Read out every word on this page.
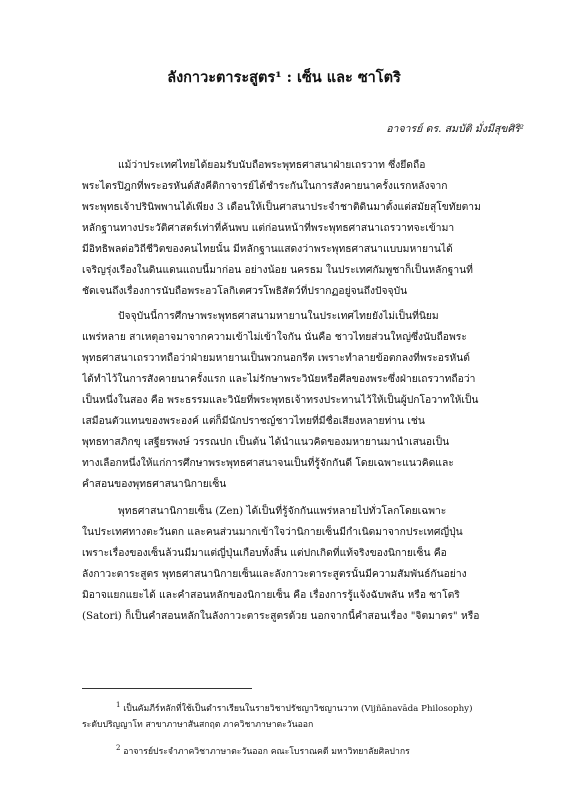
ลังกาวะตาระสูตร¹ : เซ็น และ ซาโตริ
อาจารย์ ดร. สมบัติ มั่งมีสุขศิริ²
แม้ว่าประเทศไทยได้ยอมรับนับถือพระพุทธศาสนาฝ่ายเถรวาท ซึ่งยึดถือ
พระไตรปิฎกที่พระอรหันต์สังคีติกาจารย์ได้ชำระกันในการสังคายนาครั้งแรกหลังจาก
พระพุทธเจ้าปรินิพพานได้เพียง 3 เดือนให้เป็นศาสนาประจำชาติดินมาตั้งแต่สมัยสุโขทัยตาม
หลักฐานทางประวัติศาสตร์เท่าที่ค้นพบ แต่ก่อนหน้าที่พระพุทธศาสนาเถรวาทจะเข้ามา
มีอิทธิพลต่อวิถีชีวิตของคนไทยนั้น มีหลักฐานแสดงว่าพระพุทธศาสนาแบบมหายานได้
เจริญรุ่งเรืองในดินแดนแถบนี้มาก่อน อย่างน้อย นครธม ในประเทศกัมพูชาก็เป็นหลักฐานที่
ชัดเจนถึงเรื่องการนับถือพระอวโลกิเตศวรโพธิสัตว์ที่ปรากฏอยู่จนถึงปัจจุบัน
ปัจจุบันนี้การศึกษาพระพุทธศาสนามหายานในประเทศไทยยังไม่เป็นที่นิยม
แพร่หลาย สาเหตุอาจมาจากความเข้าไม่เข้าใจกัน นั่นคือ ชาวไทยส่วนใหญ่ซึ่งนับถือพระ
พุทธศาสนาเถรวาทถือว่าฝ่ายมหายานเป็นพวกนอกรีต เพราะทำลายข้อตกลงที่พระอรหันต์
ได้ทำไว้ในการสังคายนาครั้งแรก และไม่รักษาพระวินัยหรือศีลของพระซึ่งฝ่ายเถรวาทถือว่า
เป็นหนึ่งในสอง คือ พระธรรมและวินัยที่พระพุทธเจ้าทรงประทานไว้ให้เป็นผู้ปกโอวาทให้เป็น
เสมือนตัวแทนของพระองค์ แต่ก็มีนักปราชญ์ชาวไทยที่มีชื่อเสียงหลายท่าน เช่น
พุทธทาสภิกขุ เสฐียรพงษ์ วรรณปก เป็นต้น ได้นำแนวคิดของมหายานมานำเสนอเป็น
ทางเลือกหนึ่งให้แก่การศึกษาพระพุทธศาสนาจนเป็นที่รู้จักกันดี โดยเฉพาะแนวคิดและ
คำสอนของพุทธศาสนานิกายเซ็น
พุทธศาสนานิกายเซ็น (Zen) ได้เป็นที่รู้จักกันแพร่หลายไปทั่วโลกโดยเฉพาะ
ในประเทศทางตะวันตก และคนส่วนมากเข้าใจว่านิกายเซ็นมีกำเนิดมาจากประเทศญี่ปุ่น
เพราะเรื่องของเซ็นล้วนมีมาแต่ญี่ปุ่นเกือบทั้งสิ้น แต่ปกเกิดที่แท้จริงของนิกายเซ็น คือ
ลังกาวะตาระสูตร พุทธศาสนานิกายเซ็นและลังกาวะตาระสูตรนั้นมีความสัมพันธ์กันอย่าง
มิอาจแยกแยะได้ และคำสอนหลักของนิกายเซ็น คือ เรื่องการรู้แจ้งฉับพลัน หรือ ซาโตริ
(Satori) ก็เป็นคำสอนหลักในลังกาวะตาระสูตรด้วย นอกจากนี้คำสอนเรื่อง "จิตมาตร" หรือ
$^1$ เป็นคัมภีร์หลักที่ใช้เป็นตำราเรียนในรายวิชาปรัชญาวิชญานวาท (Vijñānavāda Philosophy)
ระดับปริญญาโท สาขาภาษาสันสกฤต ภาควิชาภาษาตะวันออก
$^2$ อาจารย์ประจำภาควิชาภาษาตะวันออก คณะโบราณคดี มหาวิทยาลัยศิลปากร
